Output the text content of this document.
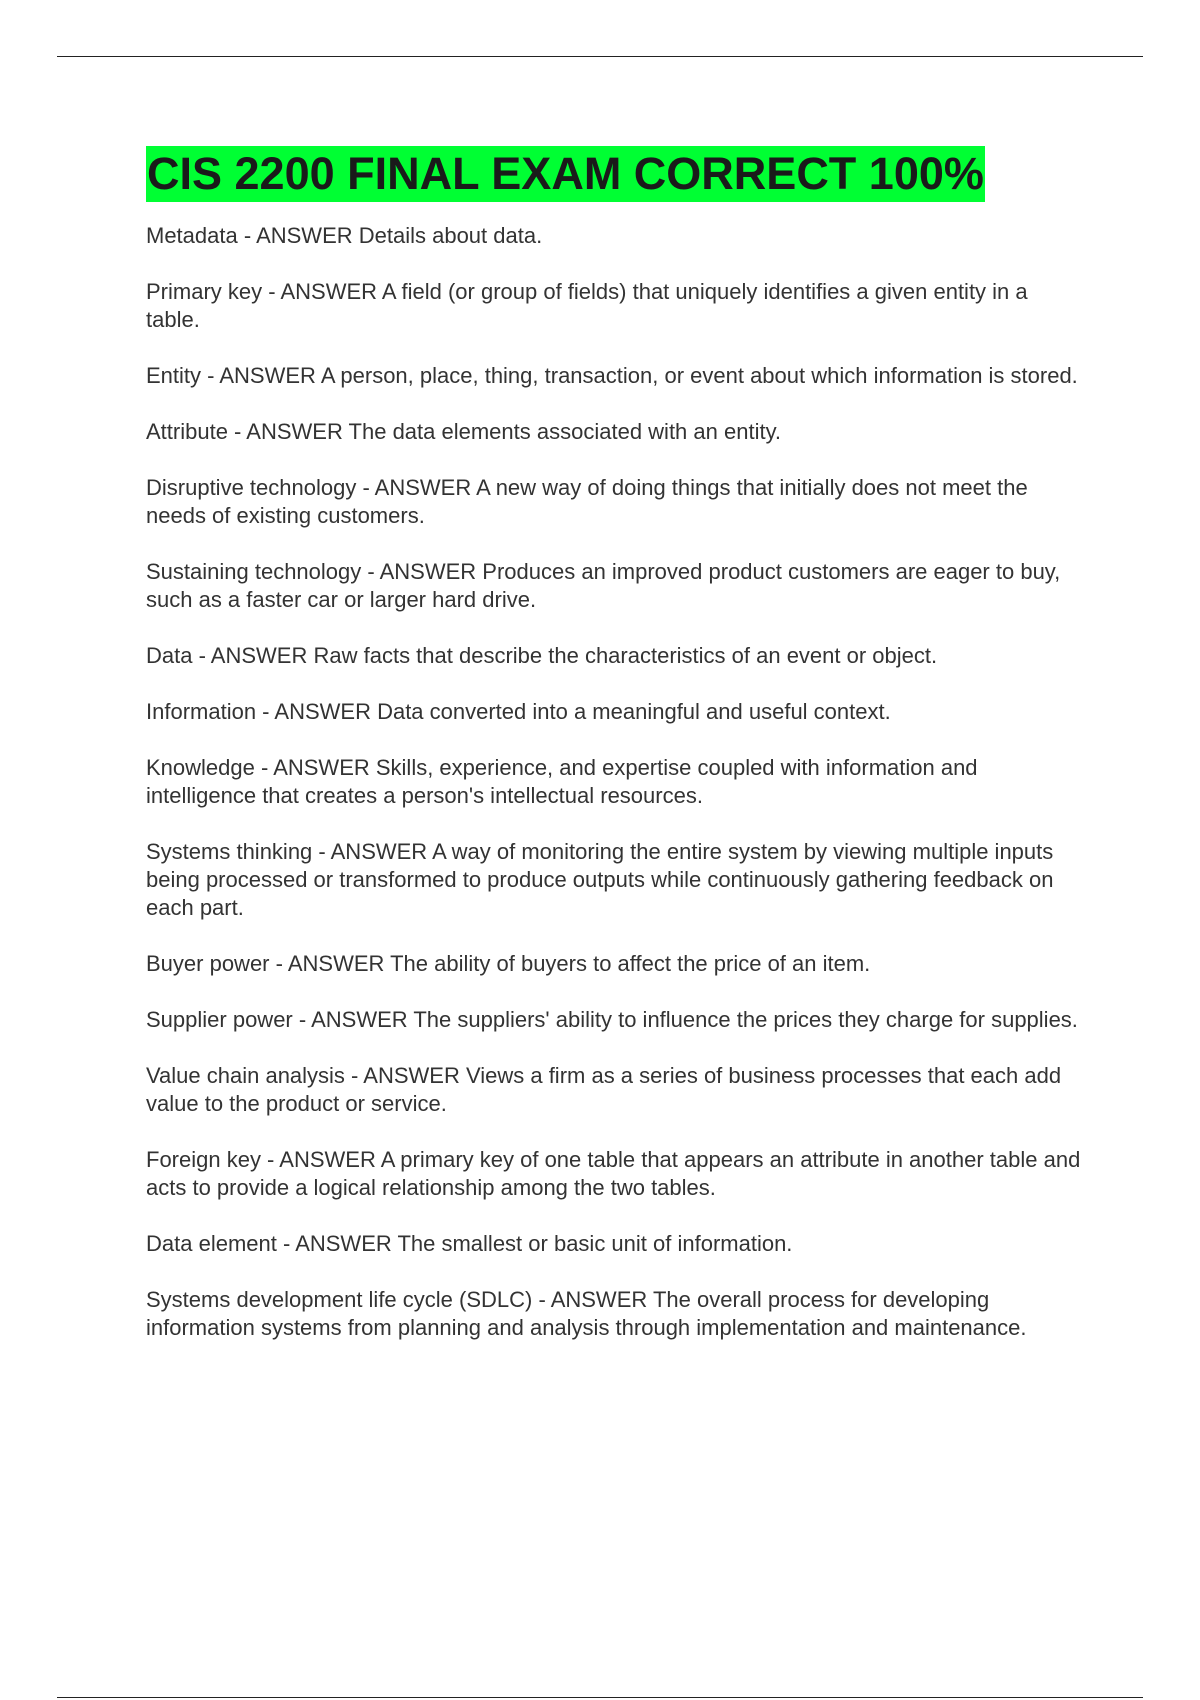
CIS 2200 FINAL EXAM CORRECT 100%

Metadata - ANSWER Details about data.

Primary key - ANSWER A field (or group of fields) that uniquely identifies a given entity in a table.

Entity - ANSWER A person, place, thing, transaction, or event about which information is stored.

Attribute - ANSWER The data elements associated with an entity.

Disruptive technology - ANSWER A new way of doing things that initially does not meet the needs of existing customers.

Sustaining technology - ANSWER Produces an improved product customers are eager to buy, such as a faster car or larger hard drive.

Data - ANSWER Raw facts that describe the characteristics of an event or object.

Information - ANSWER Data converted into a meaningful and useful context.

Knowledge - ANSWER Skills, experience, and expertise coupled with information and intelligence that creates a person's intellectual resources.

Systems thinking - ANSWER A way of monitoring the entire system by viewing multiple inputs being processed or transformed to produce outputs while continuously gathering feedback on each part.

Buyer power - ANSWER The ability of buyers to affect the price of an item.

Supplier power - ANSWER The suppliers' ability to influence the prices they charge for supplies.

Value chain analysis - ANSWER Views a firm as a series of business processes that each add value to the product or service.

Foreign key - ANSWER A primary key of one table that appears an attribute in another table and acts to provide a logical relationship among the two tables.

Data element - ANSWER The smallest or basic unit of information.

Systems development life cycle (SDLC) - ANSWER The overall process for developing information systems from planning and analysis through implementation and maintenance.
